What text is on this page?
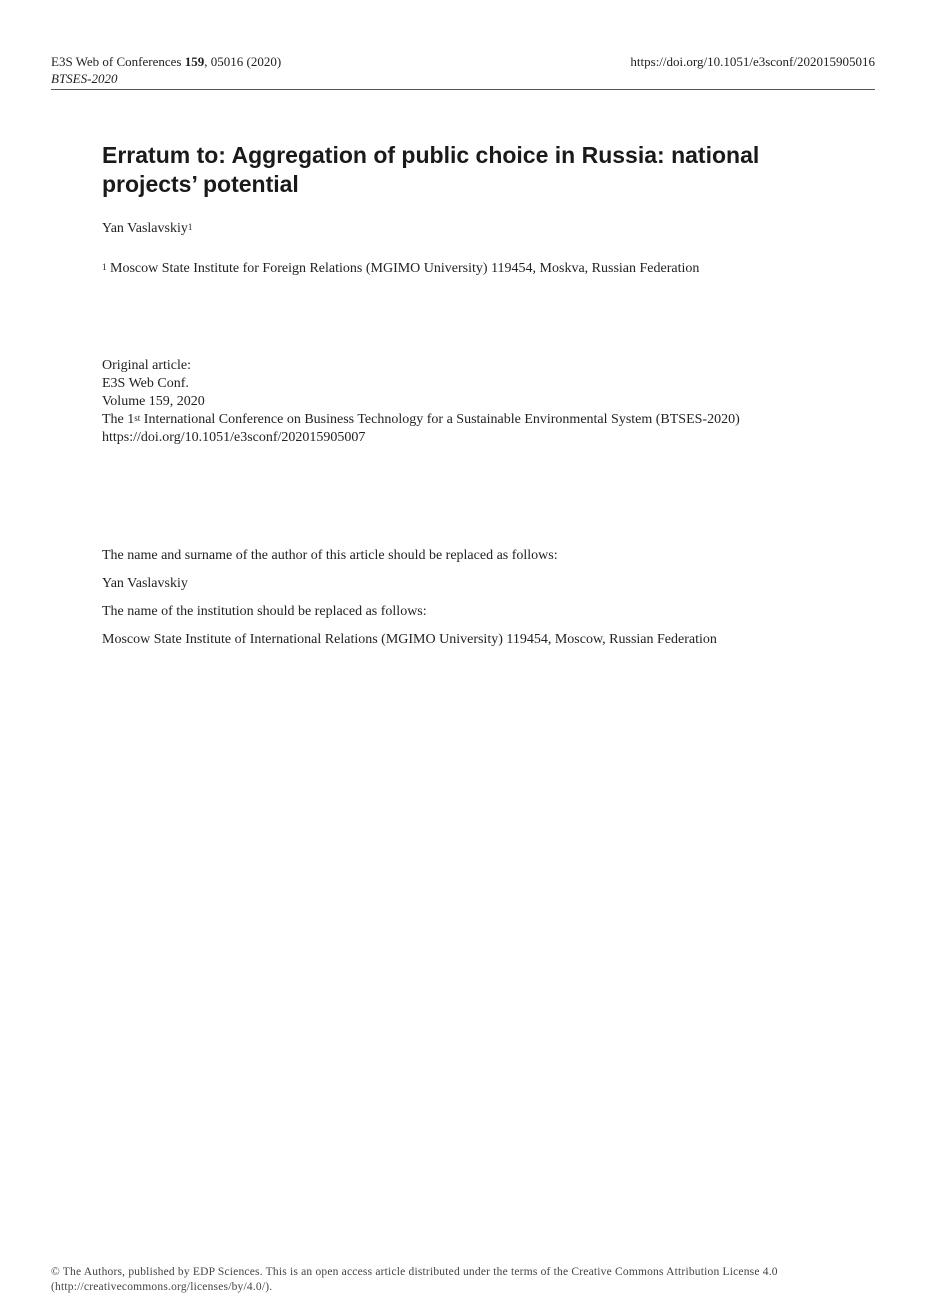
E3S Web of Conferences 159, 05016 (2020)
BTSES-2020
https://doi.org/10.1051/e3sconf/202015905016
Erratum to: Aggregation of public choice in Russia: national projects’ potential
Yan Vaslavskiy$^1$
$^1$ Moscow State Institute for Foreign Relations (MGIMO University) 119454, Moskva, Russian Federation
Original article:
E3S Web Conf.
Volume 159, 2020
The 1st International Conference on Business Technology for a Sustainable Environmental System (BTSES-2020)
https://doi.org/10.1051/e3sconf/202015905007

The name and surname of the author of this article should be replaced as follows:

Yan Vaslavskiy

The name of the institution should be replaced as follows:

Moscow State Institute of International Relations (MGIMO University) 119454, Moscow, Russian Federation

© The Authors, published by EDP Sciences. This is an open access article distributed under the terms of the Creative Commons Attribution License 4.0 (http://creativecommons.org/licenses/by/4.0/).
